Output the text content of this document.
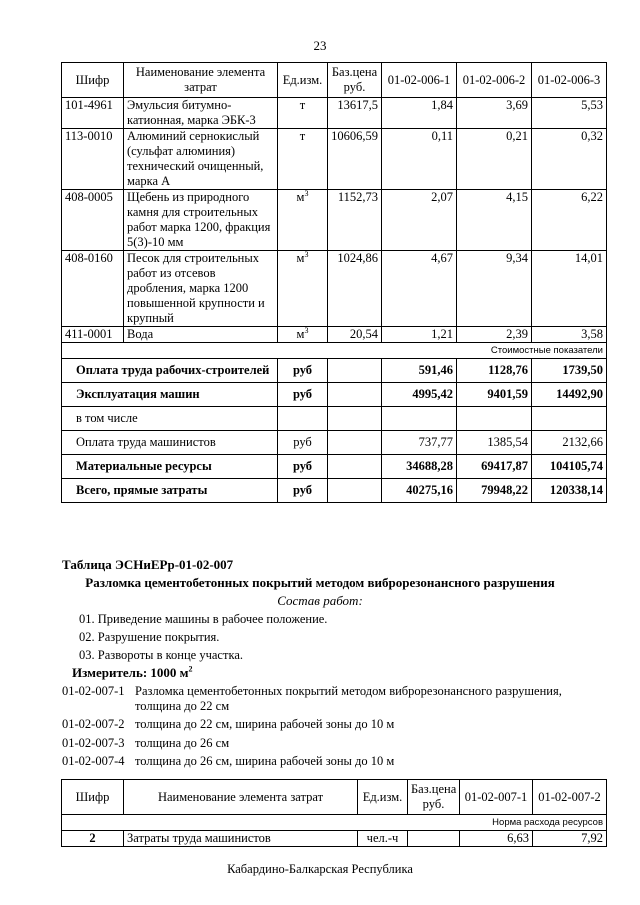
23
Шифр	Наименование элемента затрат	Ед.изм.	Баз.цена руб.	01-02-006-1	01-02-006-2	01-02-006-3
101-4961	Эмульсия битумно-катионная, марка ЭБК-3	т	13617,5	1,84	3,69	5,53
113-0010	Алюминий сернокислый (сульфат алюминия) технический очищенный, марка А	т	10606,59	0,11	0,21	0,32
408-0005	Щебень из природного камня для строительных работ марка 1200, фракция 5(3)-10 мм	$м^3$	1152,73	2,07	4,15	6,22
408-0160	Песок для строительных работ из отсевов дробления, марка 1200 повышенной крупности и крупный	$м^3$	1024,86	4,67	9,34	14,01
411-0001	Вода	$м^3$	20,54	1,21	2,39	3,58
Стоимостные показатели						
Оплата труда рабочих-строителей		руб		591,46	1128,76	1739,50
Эксплуатация машин		руб		4995,42	9401,59	14492,90
в том числе						
Оплата труда машинистов		руб		737,77	1385,54	2132,66
Материальные ресурсы		руб		34688,28	69417,87	104105,74
Всего, прямые затраты		руб		40275,16	79948,22	120338,14
Таблица ЭСНиЕРр-01-02-007
Разломка цементобетонных покрытий методом виброрезонансного разрушения
Состав работ:
01. Приведение машины в рабочее положение.
02. Разрушение покрытия.
03. Развороты в конце участка.
Измеритель: 1000 $м^2$
01-02-007-1 Разломка цементобетонных покрытий методом виброрезонансного разрушения,
толщина до 22 см
01-02-007-2 толщина до 22 см, ширина рабочей зоны до 10 м
01-02-007-3 толщина до 26 см
01-02-007-4 толщина до 26 см, ширина рабочей зоны до 10 м
Шифр	Наименование элемента затрат	Ед.изм.	Баз.цена руб.	01-02-007-1	01-02-007-2
Норма расхода ресурсов					
2	Затраты труда машинистов	чел.-ч		6,63	7,92
Кабардино-Балкарская Республика
